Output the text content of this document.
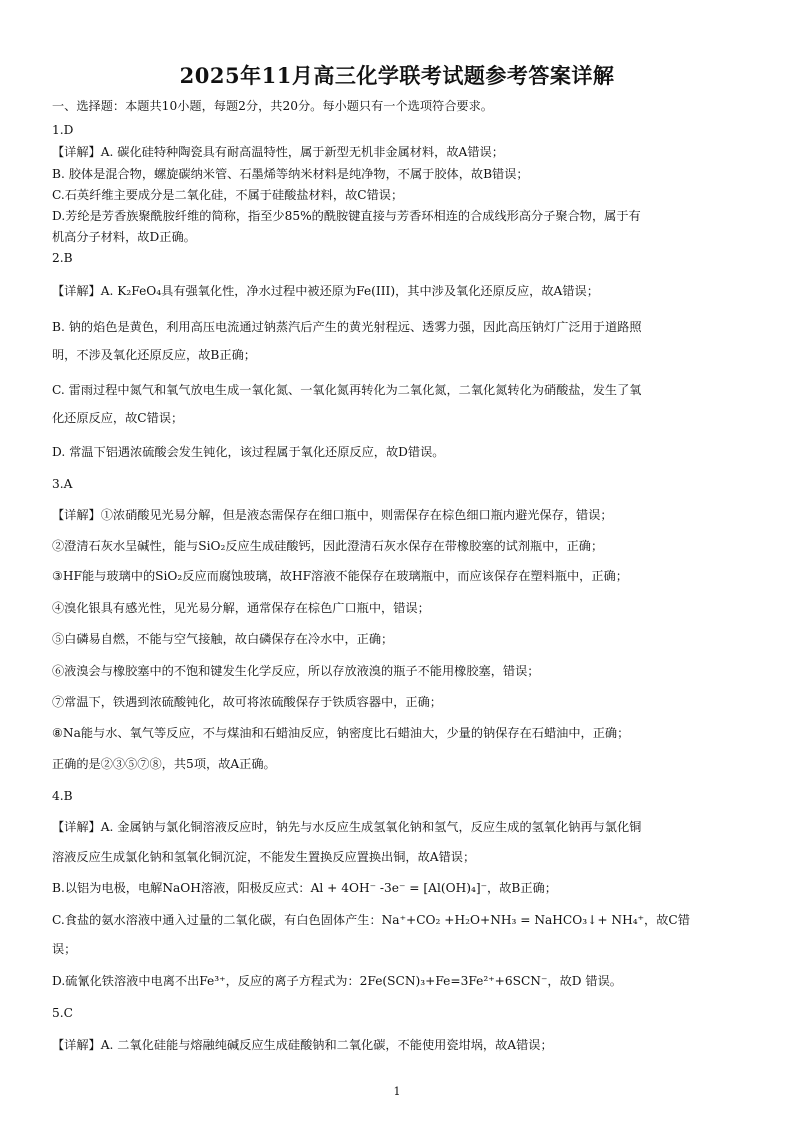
2025年11月高三化学联考试题参考答案详解
一、选择题：本题共10小题，每题2分，共20分。每小题只有一个选项符合要求。
1.D
【详解】A. 碳化硅特种陶瓷具有耐高温特性，属于新型无机非金属材料，故A错误；
B. 胶体是混合物，螺旋碳纳米管、石墨烯等纳米材料是纯净物，不属于胶体，故B错误；
C.石英纤维主要成分是二氧化硅，不属于硅酸盐材料，故C错误；
D.芳纶是芳香族聚酰胺纤维的简称，指至少85%的酰胺键直接与芳香环相连的合成线形高分子聚合物，属于有
机高分子材料，故D正确。
2.B
【详解】A. K₂FeO₄具有强氧化性，净水过程中被还原为Fe(III)，其中涉及氧化还原反应，故A错误；
B. 钠的焰色是黄色，利用高压电流通过钠蒸汽后产生的黄光射程远、透雾力强，因此高压钠灯广泛用于道路照
明，不涉及氧化还原反应，故B正确；
C. 雷雨过程中氮气和氧气放电生成一氧化氮、一氧化氮再转化为二氧化氮，二氧化氮转化为硝酸盐，发生了氧
化还原反应，故C错误；
D. 常温下铝遇浓硫酸会发生钝化，该过程属于氧化还原反应，故D错误。
3.A
【详解】①浓硝酸见光易分解，但是液态需保存在细口瓶中，则需保存在棕色细口瓶内避光保存，错误；
②澄清石灰水呈碱性，能与SiO₂反应生成硅酸钙，因此澄清石灰水保存在带橡胶塞的试剂瓶中，正确；
③HF能与玻璃中的SiO₂反应而腐蚀玻璃，故HF溶液不能保存在玻璃瓶中，而应该保存在塑料瓶中，正确；
④溴化银具有感光性，见光易分解，通常保存在棕色广口瓶中，错误；
⑤白磷易自燃，不能与空气接触，故白磷保存在冷水中，正确；
⑥液溴会与橡胶塞中的不饱和键发生化学反应，所以存放液溴的瓶子不能用橡胶塞，错误；
⑦常温下，铁遇到浓硫酸钝化，故可将浓硫酸保存于铁质容器中，正确；
⑧Na能与水、氧气等反应，不与煤油和石蜡油反应，钠密度比石蜡油大，少量的钠保存在石蜡油中，正确；
正确的是②③⑤⑦⑧，共5项，故A正确。
4.B
【详解】A. 金属钠与氯化铜溶液反应时，钠先与水反应生成氢氧化钠和氢气，反应生成的氢氧化钠再与氯化铜
溶液反应生成氯化钠和氢氧化铜沉淀，不能发生置换反应置换出铜，故A错误；
B.以铝为电极，电解NaOH溶液，阳极反应式：Al + 4OH⁻ -3e⁻ = [Al(OH)₄]⁻，故B正确；
C.食盐的氨水溶液中通入过量的二氧化碳，有白色固体产生：Na⁺+CO₂ +H₂O+NH₃ = NaHCO₃↓+ NH₄⁺，故C错
误；
D.硫氰化铁溶液中电离不出Fe³⁺，反应的离子方程式为：2Fe(SCN)₃+Fe=3Fe²⁺+6SCN⁻，故D 错误。
5.C
【详解】A. 二氧化硅能与熔融纯碱反应生成硅酸钠和二氧化碳，不能使用瓷坩埚，故A错误；
1
